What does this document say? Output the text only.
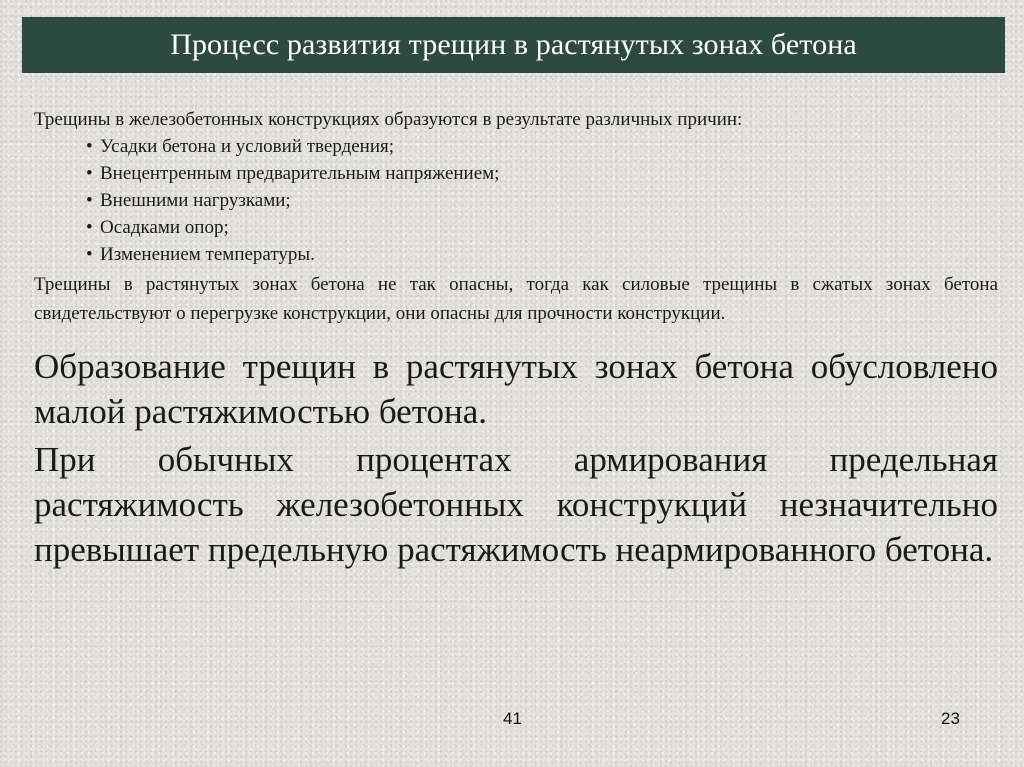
Процесс развития трещин в растянутых зонах бетона

Трещины в железобетонных конструкциях образуются в результате различных причин:

• Усадки бетона и условий твердения;
• Внецентренным предварительным напряжением;
• Внешними нагрузками;
• Осадками опор;
• Изменением температуры.

Трещины в растянутых зонах бетона не так опасны, тогда как силовые трещины в сжатых зонах бетона свидетельствуют о перегрузке конструкции, они опасны для прочности конструкции.

Образование трещин в растянутых зонах бетона обусловлено малой растяжимостью бетона.

При обычных процентах армирования предельная растяжимость железобетонных конструкций незначительно превышает предельную растяжимость неармированного бетона.

41	23
